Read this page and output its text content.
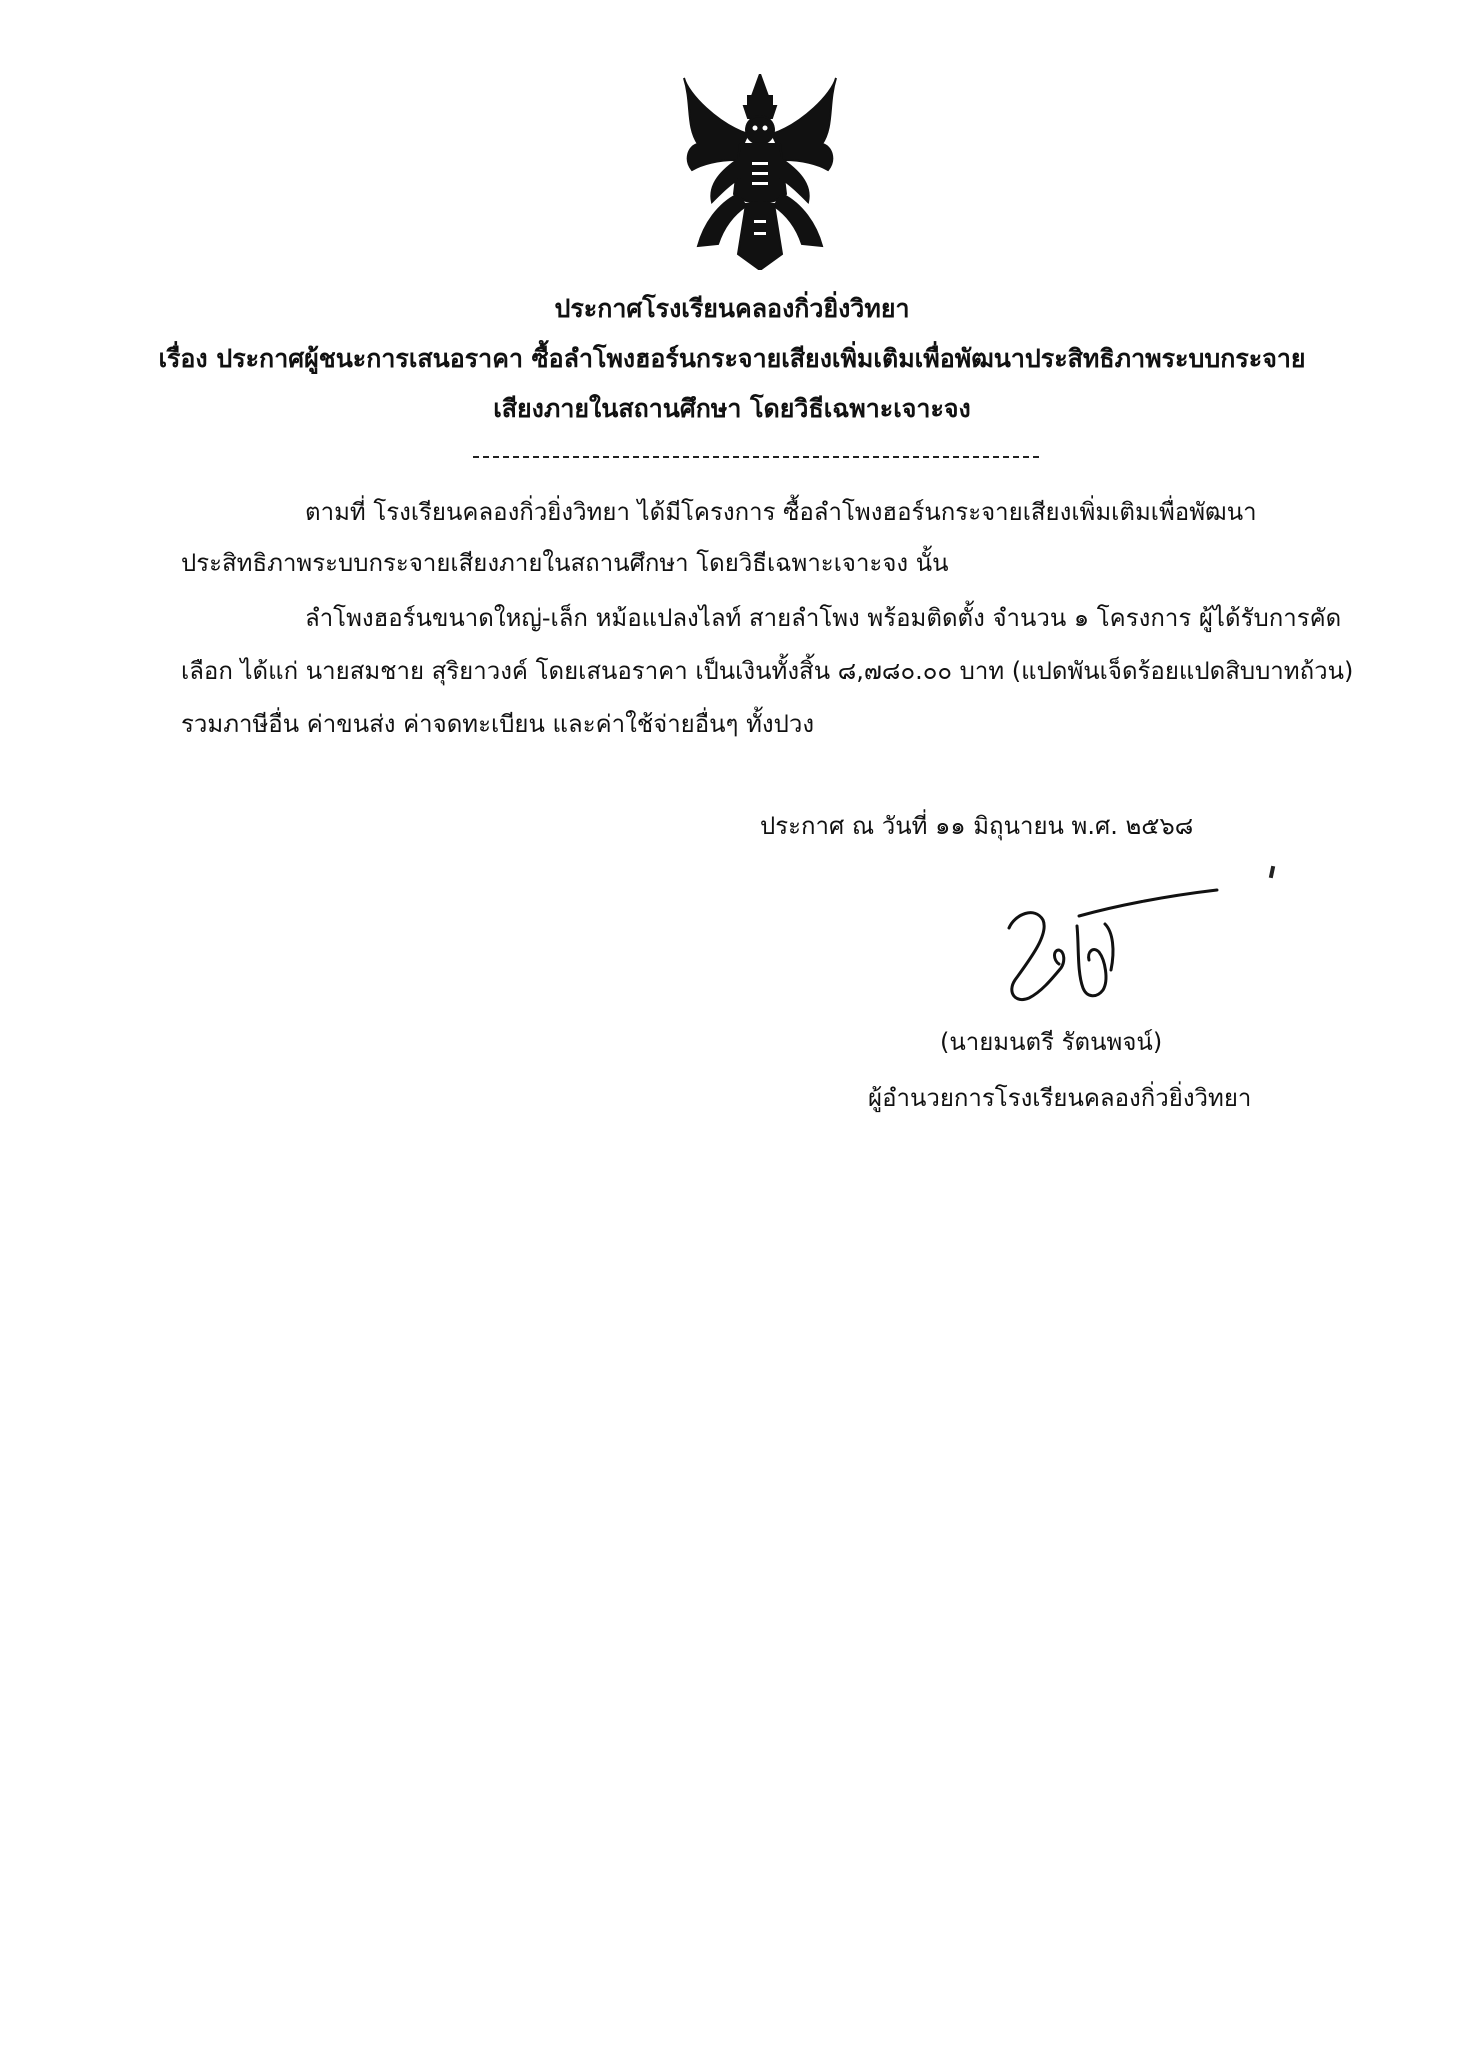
ประกาศโรงเรียนคลองกิ่วยิ่งวิทยา
เรื่อง ประกาศผู้ชนะการเสนอราคา ซื้อลำโพงฮอร์นกระจายเสียงเพิ่มเติมเพื่อพัฒนาประสิทธิภาพระบบกระจาย
เสียงภายในสถานศึกษา โดยวิธีเฉพาะเจาะจง
ตามที่ โรงเรียนคลองกิ่วยิ่งวิทยา ได้มีโครงการ ซื้อลำโพงฮอร์นกระจายเสียงเพิ่มเติมเพื่อพัฒนา
ประสิทธิภาพระบบกระจายเสียงภายในสถานศึกษา โดยวิธีเฉพาะเจาะจง นั้น
ลำโพงฮอร์นขนาดใหญ่-เล็ก หม้อแปลงไลท์ สายลำโพง พร้อมติดตั้ง จำนวน ๑ โครงการ ผู้ได้รับการคัด
เลือก ได้แก่ นายสมชาย สุริยาวงค์ โดยเสนอราคา เป็นเงินทั้งสิ้น ๘,๗๘๐.๐๐ บาท (แปดพันเจ็ดร้อยแปดสิบบาทถ้วน)
รวมภาษีอื่น ค่าขนส่ง ค่าจดทะเบียน และค่าใช้จ่ายอื่นๆ ทั้งปวง
ประกาศ ณ วันที่ ๑๑ มิถุนายน พ.ศ. ๒๕๖๘
(นายมนตรี รัตนพจน์)
ผู้อำนวยการโรงเรียนคลองกิ่วยิ่งวิทยา
